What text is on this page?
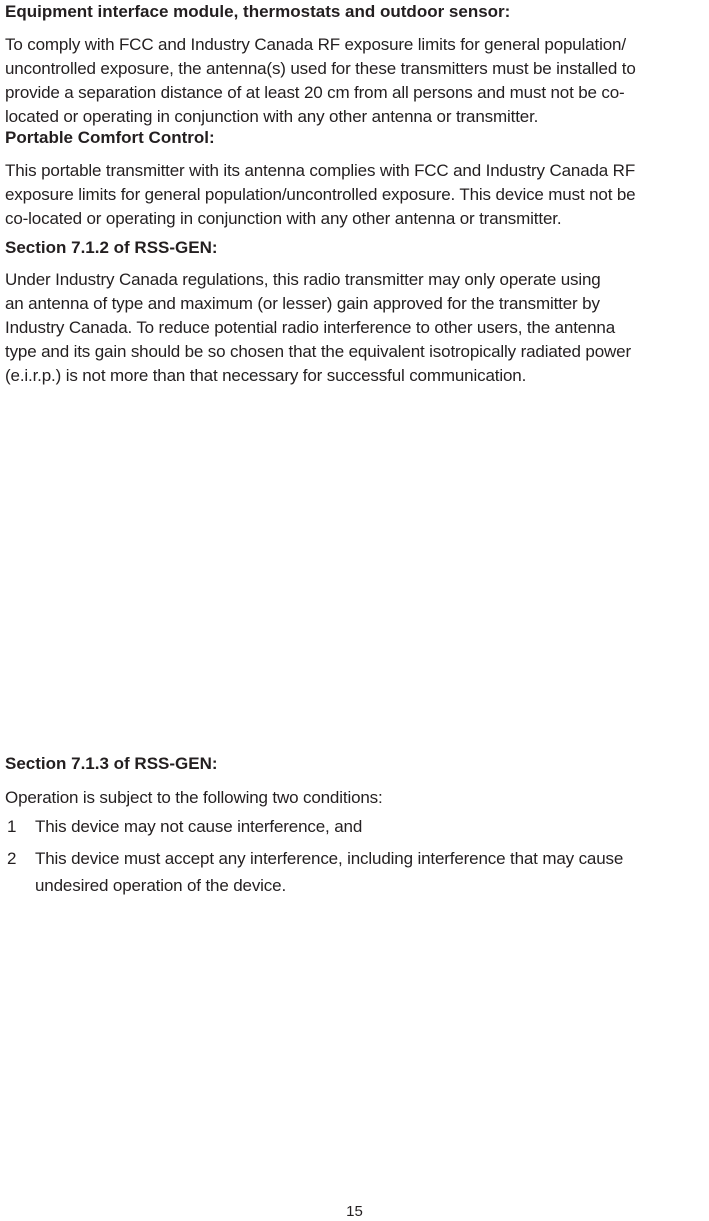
Equipment interface module, thermostats and outdoor sensor:
To comply with FCC and Industry Canada RF exposure limits for general population/
uncontrolled exposure, the antenna(s) used for these transmitters must be installed to
provide a separation distance of at least 20 cm from all persons and must not be co-
located or operating in conjunction with any other antenna or transmitter.
Portable Comfort Control:
This portable transmitter with its antenna complies with FCC and Industry Canada RF
exposure limits for general population/uncontrolled exposure. This device must not be
co-located or operating in conjunction with any other antenna or transmitter.
Section 7.1.2 of RSS-GEN:
Under Industry Canada regulations, this radio transmitter may only operate using
an antenna of type and maximum (or lesser) gain approved for the transmitter by
Industry Canada. To reduce potential radio interference to other users, the antenna
type and its gain should be so chosen that the equivalent isotropically radiated power
(e.i.r.p.) is not more than that necessary for successful communication.
Section 7.1.3 of RSS-GEN:
Operation is subject to the following two conditions:
1 This device may not cause interference, and
2 This device must accept any interference, including interference that may cause
undesired operation of the device.
15
